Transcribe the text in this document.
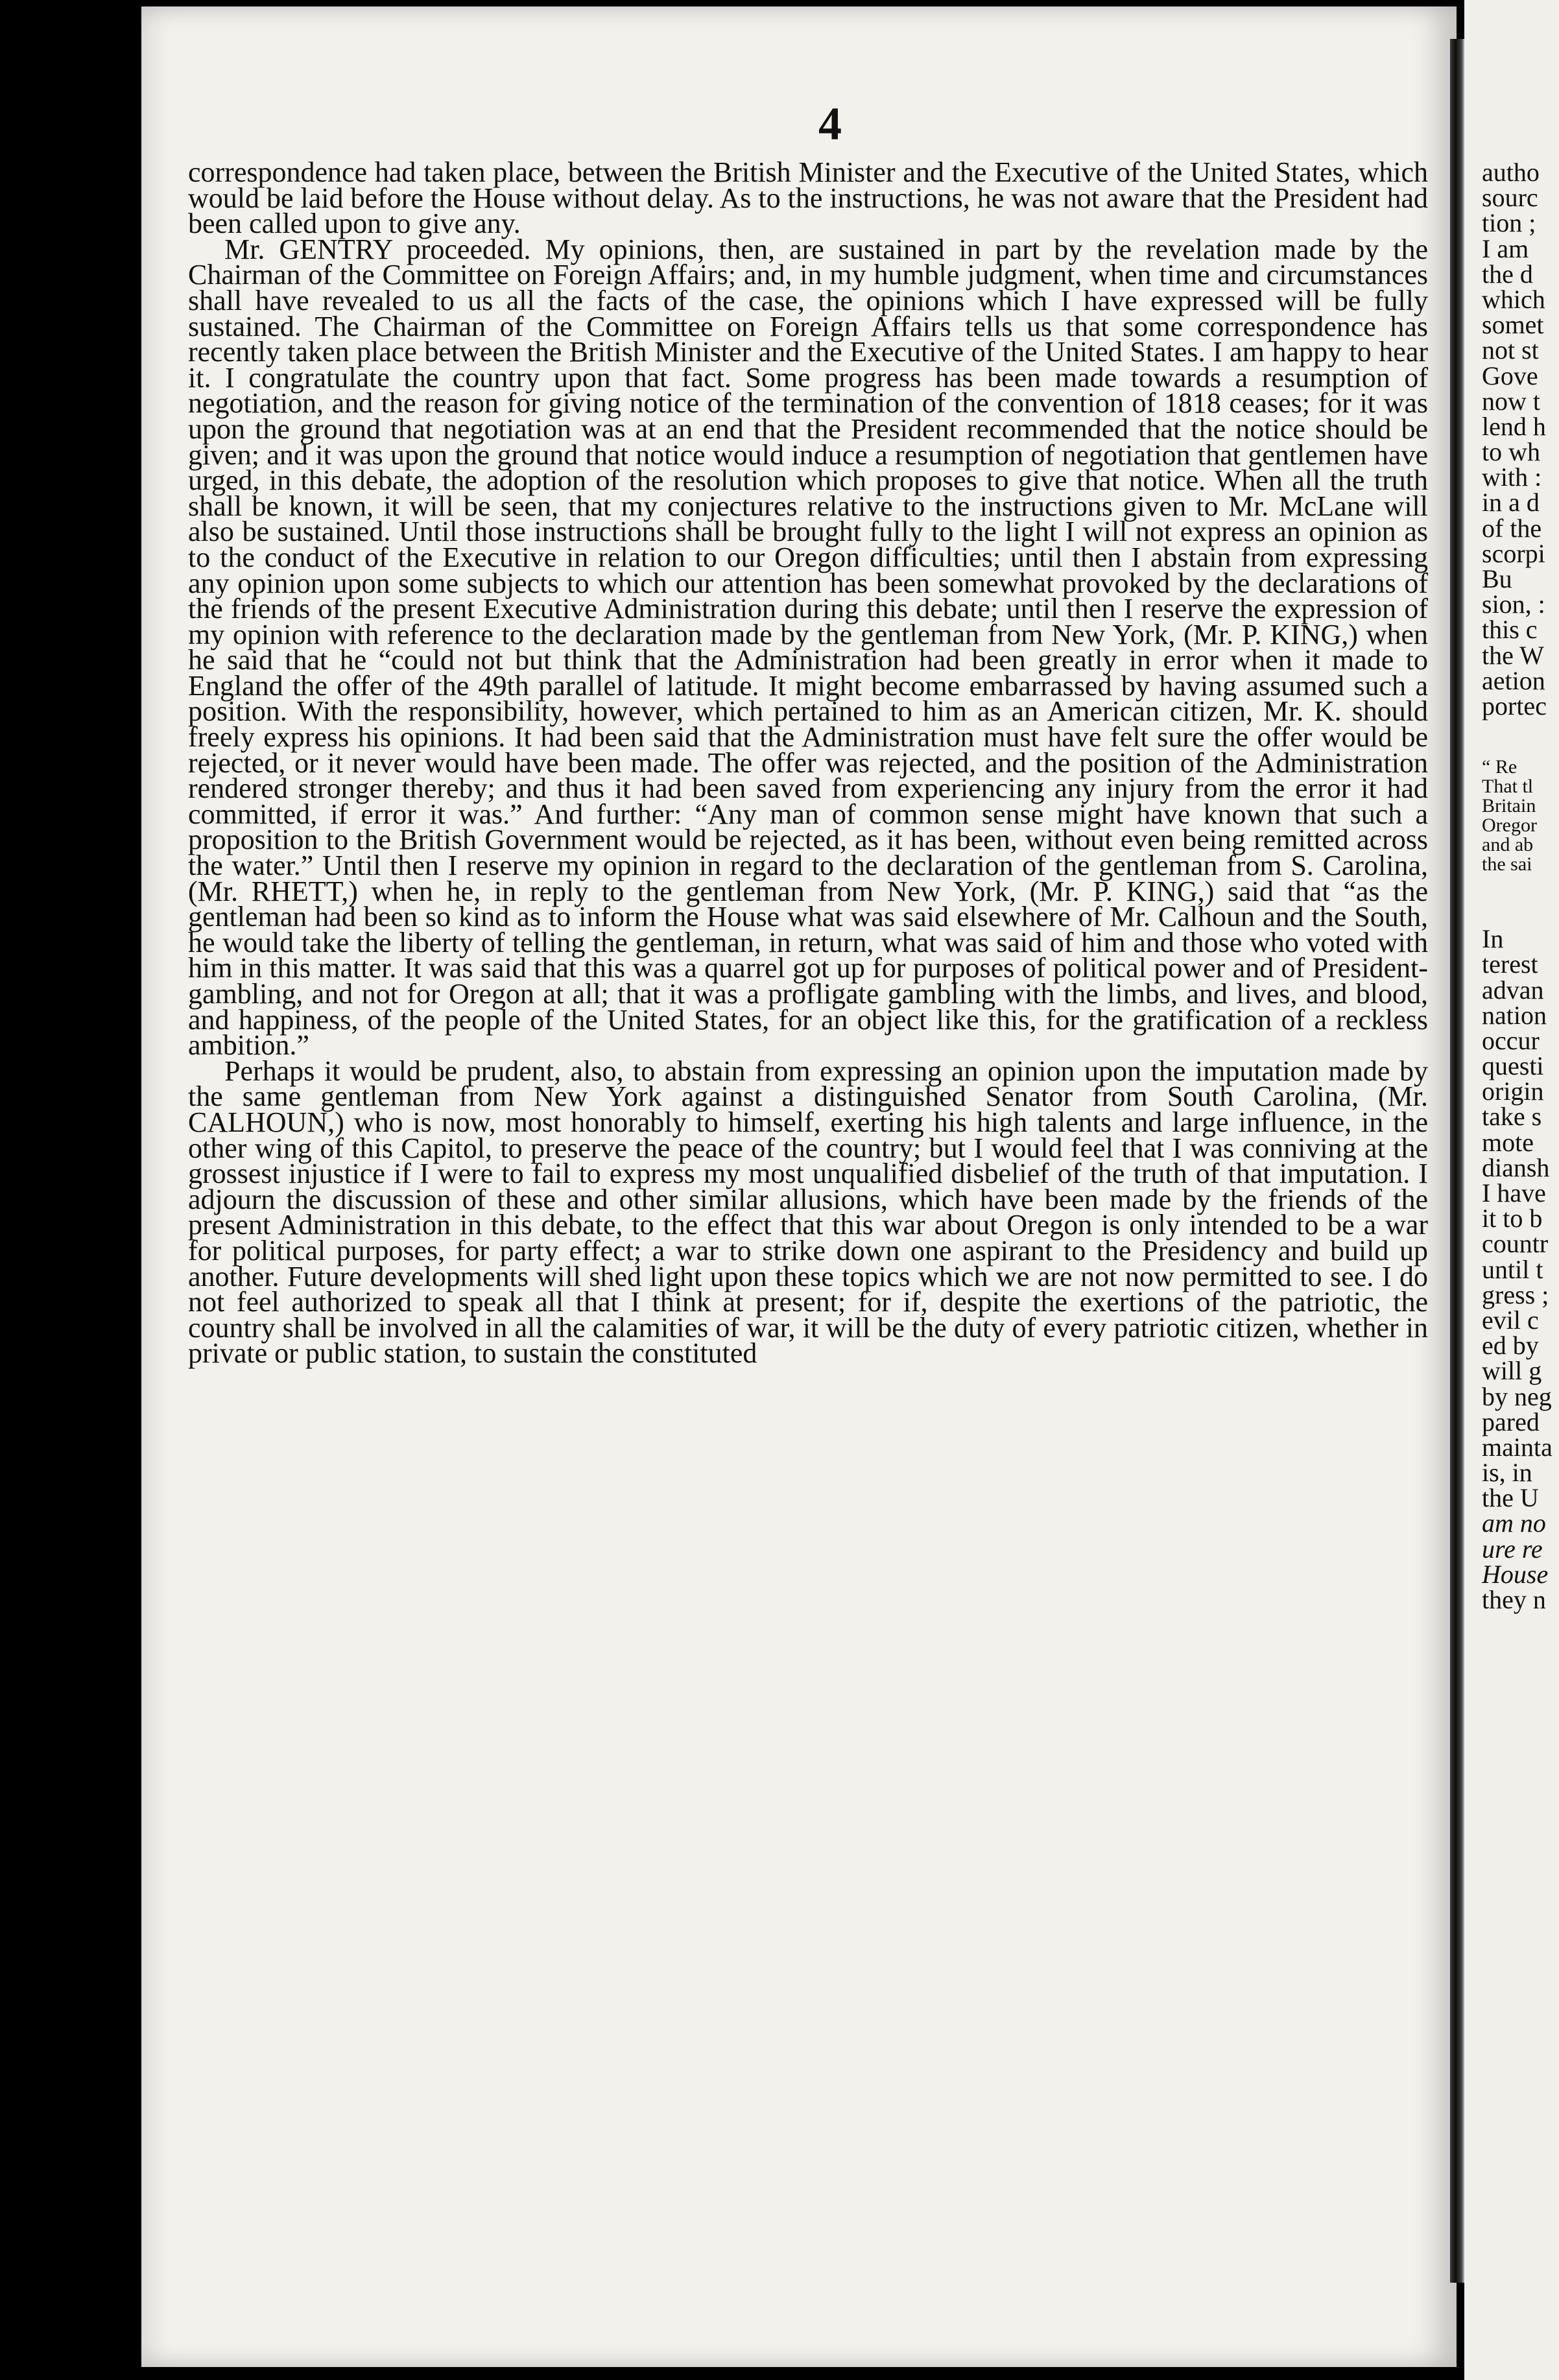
4

correspondence had taken place, between the British Minister and the Executive of the United States, which would be laid before the House without delay. As to the instructions, he was not aware that the President had been called upon to give any.

Mr. GENTRY proceeded. My opinions, then, are sustained in part by the revelation made by the Chairman of the Committee on Foreign Affairs; and, in my humble judgment, when time and circumstances shall have revealed to us all the facts of the case, the opinions which I have expressed will be fully sustained. The Chairman of the Committee on Foreign Affairs tells us that some correspondence has recently taken place between the British Minister and the Executive of the United States. I am happy to hear it. I congratulate the country upon that fact. Some progress has been made towards a resumption of negotiation, and the reason for giving notice of the termination of the convention of 1818 ceases; for it was upon the ground that negotiation was at an end that the President recommended that the notice should be given; and it was upon the ground that notice would induce a resumption of negotiation that gentlemen have urged, in this debate, the adoption of the resolution which proposes to give that notice. When all the truth shall be known, it will be seen, that my conjectures relative to the instructions given to Mr. McLane will also be sustained. Until those instructions shall be brought fully to the light I will not express an opinion as to the conduct of the Executive in relation to our Oregon difficulties; until then I abstain from expressing any opinion upon some subjects to which our attention has been somewhat provoked by the declarations of the friends of the present Executive Administration during this debate; until then I reserve the expression of my opinion with reference to the declaration made by the gentleman from New York, (Mr. P. KING,) when he said that he “could not but think that the Administration had been greatly in error when it made to England the offer of the 49th parallel of latitude. It might become embarrassed by having assumed such a position. With the responsibility, however, which pertained to him as an American citizen, Mr. K. should freely express his opinions. It had been said that the Administration must have felt sure the offer would be rejected, or it never would have been made. The offer was rejected, and the position of the Administration rendered stronger thereby; and thus it had been saved from experiencing any injury from the error it had committed, if error it was.” And further: “Any man of common sense might have known that such a proposition to the British Government would be rejected, as it has been, without even being remitted across the water.” Until then I reserve my opinion in regard to the declaration of the gentleman from S. Carolina, (Mr. RHETT,) when he, in reply to the gentleman from New York, (Mr. P. KING,) said that “as the gentleman had been so kind as to inform the House what was said elsewhere of Mr. Calhoun and the South, he would take the liberty of telling the gentleman, in return, what was said of him and those who voted with him in this matter. It was said that this was a quarrel got up for purposes of political power and of President-gambling, and not for Oregon at all; that it was a profligate gambling with the limbs, and lives, and blood, and happiness, of the people of the United States, for an object like this, for the gratification of a reckless ambition.”

Perhaps it would be prudent, also, to abstain from expressing an opinion upon the imputation made by the same gentleman from New York against a distinguished Senator from South Carolina, (Mr. CALHOUN,) who is now, most honorably to himself, exerting his high talents and large influence, in the other wing of this Capitol, to preserve the peace of the country; but I would feel that I was conniving at the grossest injustice if I were to fail to express my most unqualified disbelief of the truth of that imputation. I adjourn the discussion of these and other similar allusions, which have been made by the friends of the present Administration in this debate, to the effect that this war about Oregon is only intended to be a war for political purposes, for party effect; a war to strike down one aspirant to the Presidency and build up another. Future developments will shed light upon these topics which we are not now permitted to see. I do not feel authorized to speak all that I think at present; for if, despite the exertions of the patriotic, the country shall be involved in all the calamities of war, it will be the duty of every patriotic citizen, whether in private or public station, to sustain the constituted

autho
sourc
tion ;
I am
the d
which
somet
not st
Gove
now t
lend h
to wh
with :
in a d
of the
scorpi
Bu
sion, :
this c
the W
aetion
portec
“ Re
That tl
Britain
Oregor
and ab
the sai
In
terest
advan
nation
occur
questi
origin
take s
mote
diansh
I have
it to b
countr
until t
gress ;
evil c
ed by
will g
by neg
pared
mainta
is, in
the U
am no
ure re
House
they n
